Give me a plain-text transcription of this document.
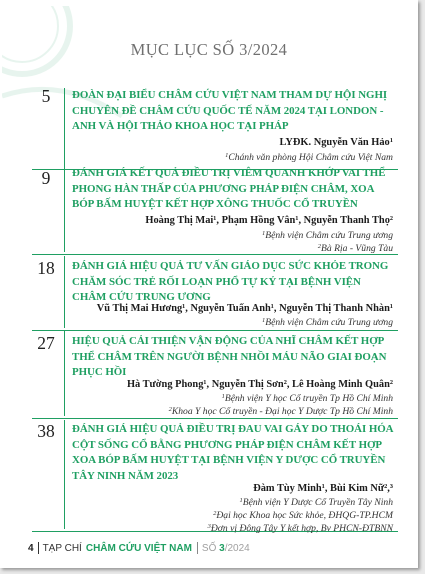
MỤC LỤC SỐ 3/2024
5	ĐOÀN ĐẠI BIỂU CHÂM CỨU VIỆT NAM THAM DỰ HỘI NGHỊ CHUYÊN ĐỀ CHÂM CỨU QUỐC TẾ NĂM 2024 TẠI LONDON - ANH VÀ HỘI THẢO KHOA HỌC TẠI PHÁP
LYĐK. Nguyễn Văn Hảo$^1$
$^1$Chánh văn phòng Hội Châm cứu Việt Nam
9	ĐÁNH GIÁ KẾT QUẢ ĐIỀU TRỊ VIÊM QUANH KHỚP VAI THỂ PHONG HÀN THẤP CỦA PHƯƠNG PHÁP ĐIỆN CHÂM, XOA BÓP BẤM HUYỆT KẾT HỢP XÔNG THUỐC CỔ TRUYỀN
Hoàng Thị Mai¹, Phạm Hồng Vân¹, Nguyễn Thanh Thọ²
$^1$Bệnh viện Châm cứu Trung ương
$^2$Bà Rịa - Vũng Tàu
18	ĐÁNH GIÁ HIỆU QUẢ TƯ VẤN GIÁO DỤC SỨC KHỎE TRONG CHĂM SÓC TRẺ RỐI LOẠN PHỔ TỰ KỶ TẠI BỆNH VIỆN CHÂM CỨU TRUNG ƯƠNG
Vũ Thị Mai Hương¹, Nguyễn Tuấn Anh¹, Nguyễn Thị Thanh Nhàn¹
$^1$Bệnh viện Châm cứu Trung ương
27	HIỆU QUẢ CẢI THIỆN VẬN ĐỘNG CỦA NHĨ CHÂM KẾT HỢP THỂ CHÂM TRÊN NGƯỜI BỆNH NHỒI MÁU NÃO GIAI ĐOẠN PHỤC HỒI
Hà Tường Phong¹, Nguyễn Thị Sơn², Lê Hoàng Minh Quân²
$^1$Bệnh viện Y học Cổ truyền Tp Hồ Chí Minh
$^2$Khoa Y học Cổ truyền - Đại học Y Dược Tp Hồ Chí Minh
38	ĐÁNH GIÁ HIỆU QUẢ ĐIỀU TRỊ ĐAU VAI GÁY DO THOÁI HÓA CỘT SỐNG CỔ BẰNG PHƯƠNG PHÁP ĐIỆN CHÂM KẾT HỢP XOA BÓP BẤM HUYỆT TẠI BỆNH VIỆN Y DƯỢC CỔ TRUYỀN TÂY NINH NĂM 2023
Đàm Tùy Minh¹, Bùi Kim Nữ²,³
$^1$Bệnh viện Y Dược Cổ Truyền Tây Ninh
$^2$Đại học Khoa học Sức khỏe, ĐHQG-TP.HCM
$^3$Đơn vị Đông Tây Y kết hợp, Bv PHCN-ĐTBNN
4 TẠP CHÍ CHÂM CỨU VIỆT NAM SỐ 3/2024
